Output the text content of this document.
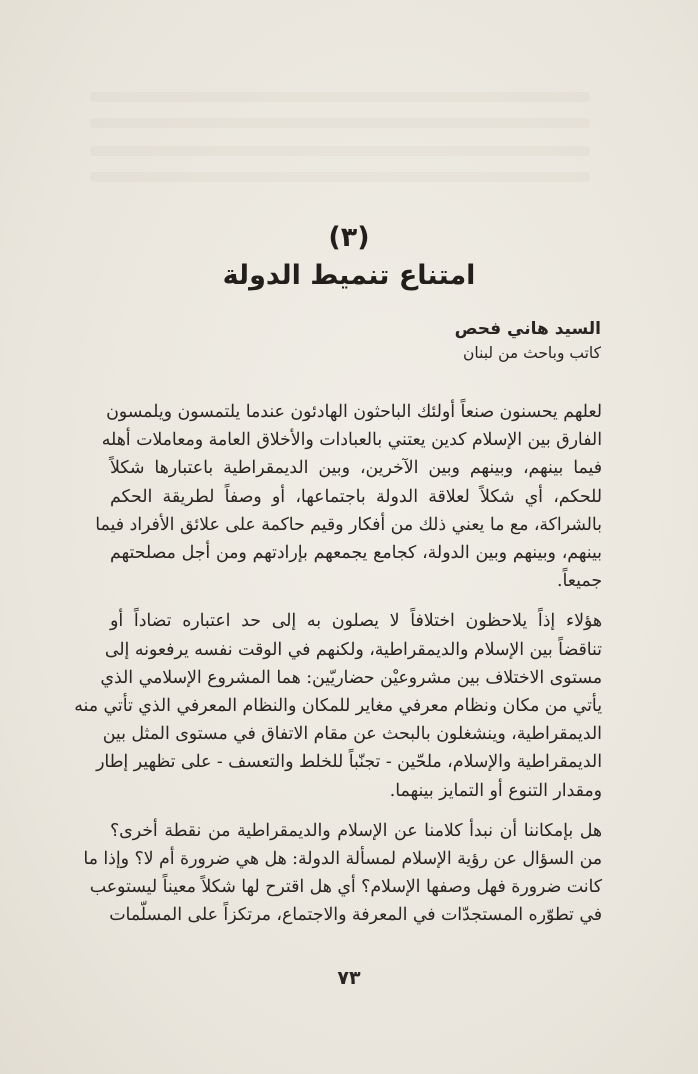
(٣)
امتناع تنميط الدولة
السيد هاني فحص
كاتب وباحث من لبنان

لعلهم يحسنون صنعاً أولئك الباحثون الهادئون عندما يلتمسون ويلمسون
الفارق بين الإسلام كدين يعتني بالعبادات والأخلاق العامة ومعاملات أهله
فيما بينهم، وبينهم وبين الآخرين، وبين الديمقراطية باعتبارها شكلاً
للحكم، أي شكلاً لعلاقة الدولة باجتماعها، أو وصفاً لطريقة الحكم
بالشراكة، مع ما يعني ذلك من أفكار وقيم حاكمة على علائق الأفراد فيما
بينهم، وبينهم وبين الدولة، كجامع يجمعهم بإرادتهم ومن أجل مصلحتهم
جميعاً.

هؤلاء إذاً يلاحظون اختلافاً لا يصلون به إلى حد اعتباره تضاداً أو
تناقضاً بين الإسلام والديمقراطية، ولكنهم في الوقت نفسه يرفعونه إلى
مستوى الاختلاف بين مشروعيْن حضاريّين: هما المشروع الإسلامي الذي
يأتي من مكان ونظام معرفي مغاير للمكان والنظام المعرفي الذي تأتي منه
الديمقراطية، وينشغلون بالبحث عن مقام الاتفاق في مستوى المثل بين
الديمقراطية والإسلام، ملحّين - تجنّباً للخلط والتعسف - على تظهير إطار
ومقدار التنوع أو التمايز بينهما.

هل بإمكاننا أن نبدأ كلامنا عن الإسلام والديمقراطية من نقطة أخرى؟
من السؤال عن رؤية الإسلام لمسألة الدولة: هل هي ضرورة أم لا؟ وإذا ما
كانت ضرورة فهل وصفها الإسلام؟ أي هل اقترح لها شكلاً معيناً ليستوعب
في تطوّره المستجدّات في المعرفة والاجتماع، مرتكزاً على المسلّمات

٧٣
